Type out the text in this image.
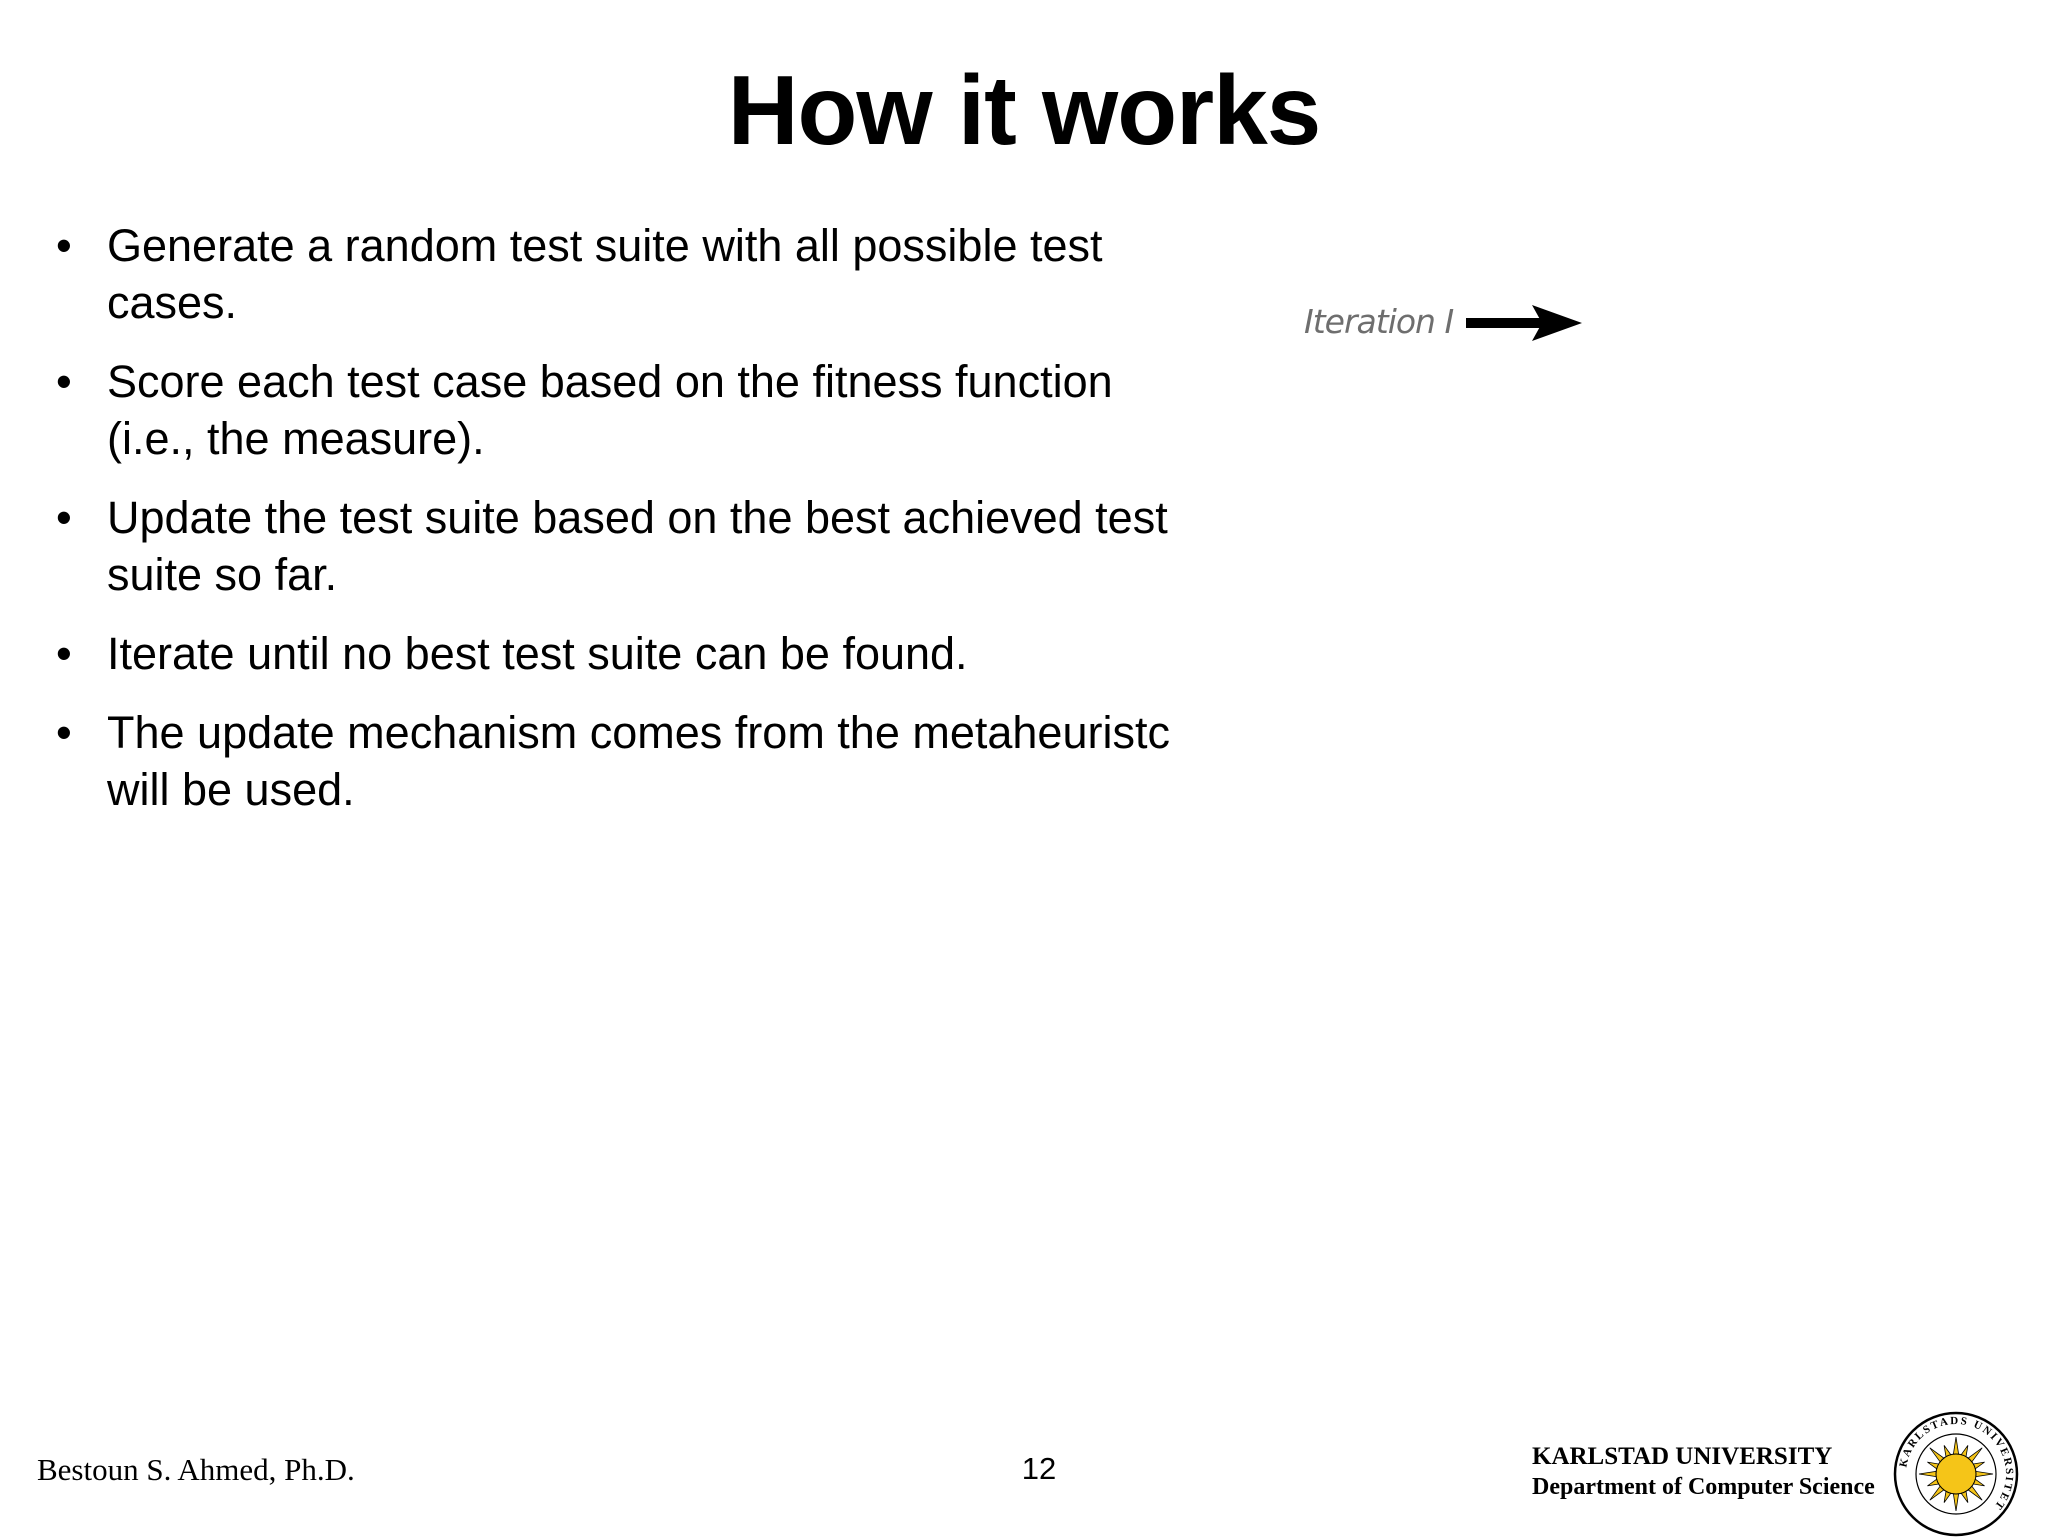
How it works
• Generate a random test suite with all possible test
cases.
• Score each test case based on the fitness function
(i.e., the measure).
• Update the test suite based on the best achieved test
suite so far.
• Iterate until no best test suite can be found.
• The update mechanism comes from the metaheuristc
will be used.
Iteration I
Bestoun S. Ahmed, Ph.D.	12	KARLSTAD UNIVERSITY
Department of Computer Science
KARLSTADS UNIVERSITET
